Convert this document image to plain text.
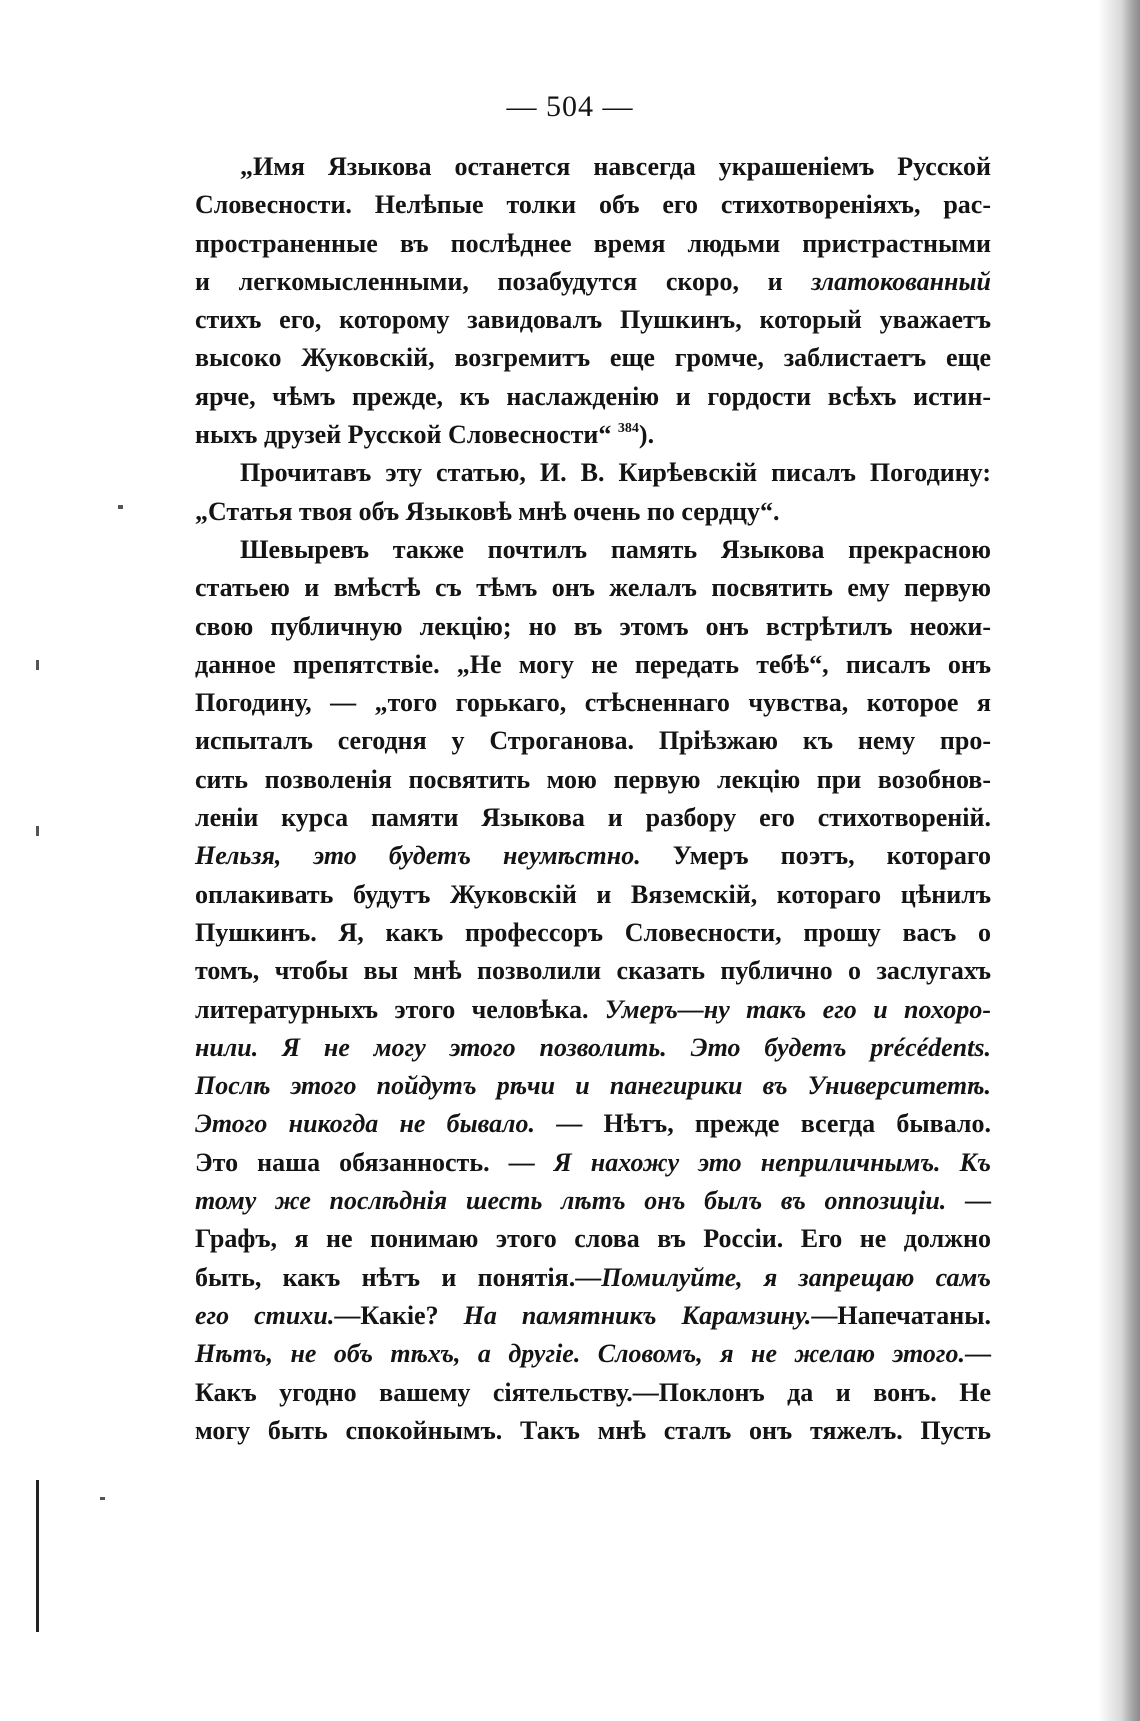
— 504 —
„Имя Языкова останется навсегда украшеніемъ Русской
Словесности. Нелѣпые толки объ его стихотвореніяхъ, рас-
пространенные въ послѣднее время людьми пристрастными
и легкомысленными, позабудутся скоро, и златокованный
стихъ его, которому завидовалъ Пушкинъ, который уважаетъ
высоко Жуковскій, возгремитъ еще громче, заблистаетъ еще
ярче, чѣмъ прежде, къ наслажденію и гордости всѣхъ истин-
ныхъ друзей Русской Словесности“ $^{384}$).
Прочитавъ эту статью, И. В. Кирѣевскій писалъ Погодину:
„Статья твоя объ Языковѣ мнѣ очень по сердцу“.
Шевыревъ также почтилъ память Языкова прекрасною
статьею и вмѣстѣ съ тѣмъ онъ желалъ посвятить ему первую
свою публичную лекцію; но въ этомъ онъ встрѣтилъ неожи-
данное препятствіе. „Не могу не передать тебѣ“, писалъ онъ
Погодину, — „того горькаго, стѣсненнаго чувства, которое я
испыталъ сегодня у Строганова. Пріѣзжаю къ нему про-
сить позволенія посвятить мою первую лекцію при возобнов-
леніи курса памяти Языкова и разбору его стихотвореній.
Нельзя, это будетъ неумѣстно. Умеръ поэтъ, котораго
оплакивать будутъ Жуковскій и Вяземскій, котораго цѣнилъ
Пушкинъ. Я, какъ профессоръ Словесности, прошу васъ о
томъ, чтобы вы мнѣ позволили сказать публично о заслугахъ
литературныхъ этого человѣка. Умеръ—ну такъ его и похоро-
нили. Я не могу этого позволить. Это будетъ précédents.
Послѣ этого пойдутъ рѣчи и панегирики въ Университетѣ.
Этого никогда не бывало. — Нѣтъ, прежде всегда бывало.
Это наша обязанность. — Я нахожу это неприличнымъ. Къ
тому же послѣднія шесть лѣтъ онъ былъ въ оппозиціи. —
Графъ, я не понимаю этого слова въ Россіи. Его не должно
быть, какъ нѣтъ и понятія.—Помилуйте, я запрещаю самъ
его стихи.—Какіе? На памятникъ Карамзину.—Напечатаны.
Нѣтъ, не объ тѣхъ, а другіе. Словомъ, я не желаю этого.—
Какъ угодно вашему сіятельству.—Поклонъ да и вонъ. Не
могу быть спокойнымъ. Такъ мнѣ сталъ онъ тяжелъ. Пусть
